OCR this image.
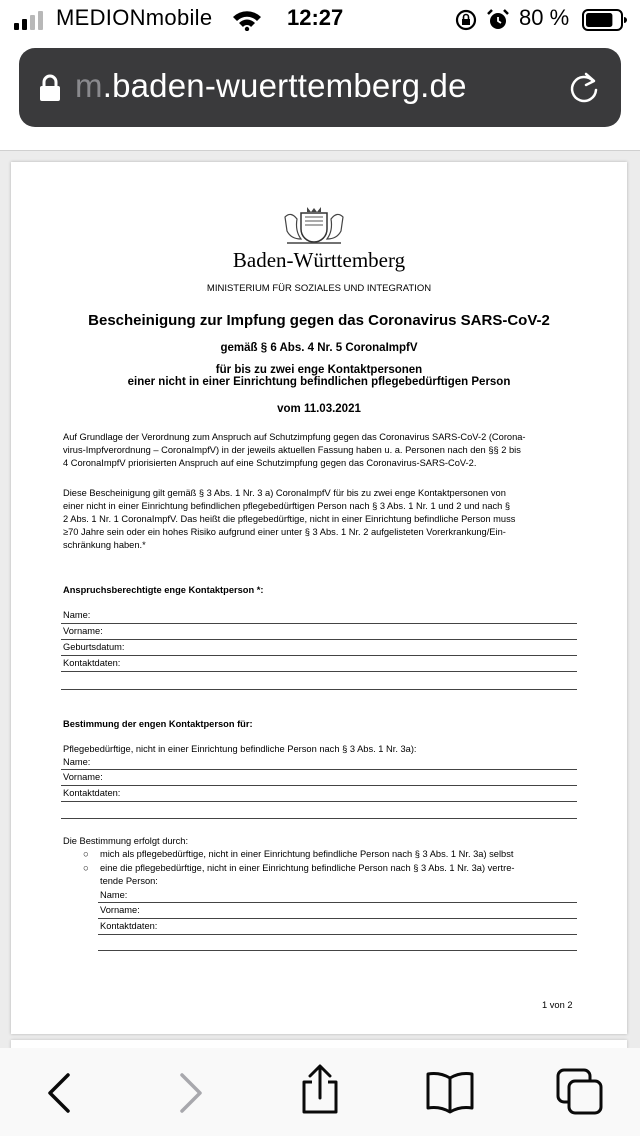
MEDIONmobile	12:27	80 %
m.baden-wuerttemberg.de
Baden-Württemberg
MINISTERIUM FÜR SOZIALES UND INTEGRATION
Bescheinigung zur Impfung gegen das Coronavirus SARS-CoV-2
gemäß § 6 Abs. 4 Nr. 5 CoronaImpfV
für bis zu zwei enge Kontaktpersonen
einer nicht in einer Einrichtung befindlichen pflegebedürftigen Person
vom 11.03.2021
Auf Grundlage der Verordnung zum Anspruch auf Schutzimpfung gegen das Coronavirus SARS-CoV-2 (Corona-
virus-Impfverordnung – CoronaImpfV) in der jeweils aktuellen Fassung haben u. a. Personen nach den §§ 2 bis
4 CoronaImpfV priorisierten Anspruch auf eine Schutzimpfung gegen das Coronavirus-SARS-CoV-2.
Diese Bescheinigung gilt gemäß § 3 Abs. 1 Nr. 3 a) CoronaImpfV für bis zu zwei enge Kontaktpersonen von
einer nicht in einer Einrichtung befindlichen pflegebedürftigen Person nach § 3 Abs. 1 Nr. 1 und 2 und nach §
2 Abs. 1 Nr. 1 CoronaImpfV. Das heißt die pflegebedürftige, nicht in einer Einrichtung befindliche Person muss
≥70 Jahre sein oder ein hohes Risiko aufgrund einer unter § 3 Abs. 1 Nr. 2 aufgelisteten Vorerkrankung/Ein-
schränkung haben.*
Anspruchsberechtigte enge Kontaktperson *:
Name:
Vorname:
Geburtsdatum:
Kontaktdaten:
Bestimmung der engen Kontaktperson für:
Pflegebedürftige, nicht in einer Einrichtung befindliche Person nach § 3 Abs. 1 Nr. 3a):
Name:
Vorname:
Kontaktdaten:
Die Bestimmung erfolgt durch:
○ mich als pflegebedürftige, nicht in einer Einrichtung befindliche Person nach § 3 Abs. 1 Nr. 3a) selbst
○ eine die pflegebedürftige, nicht in einer Einrichtung befindliche Person nach § 3 Abs. 1 Nr. 3a) vertre-
tende Person:
Name:
Vorname:
Kontaktdaten:
1 von 2
